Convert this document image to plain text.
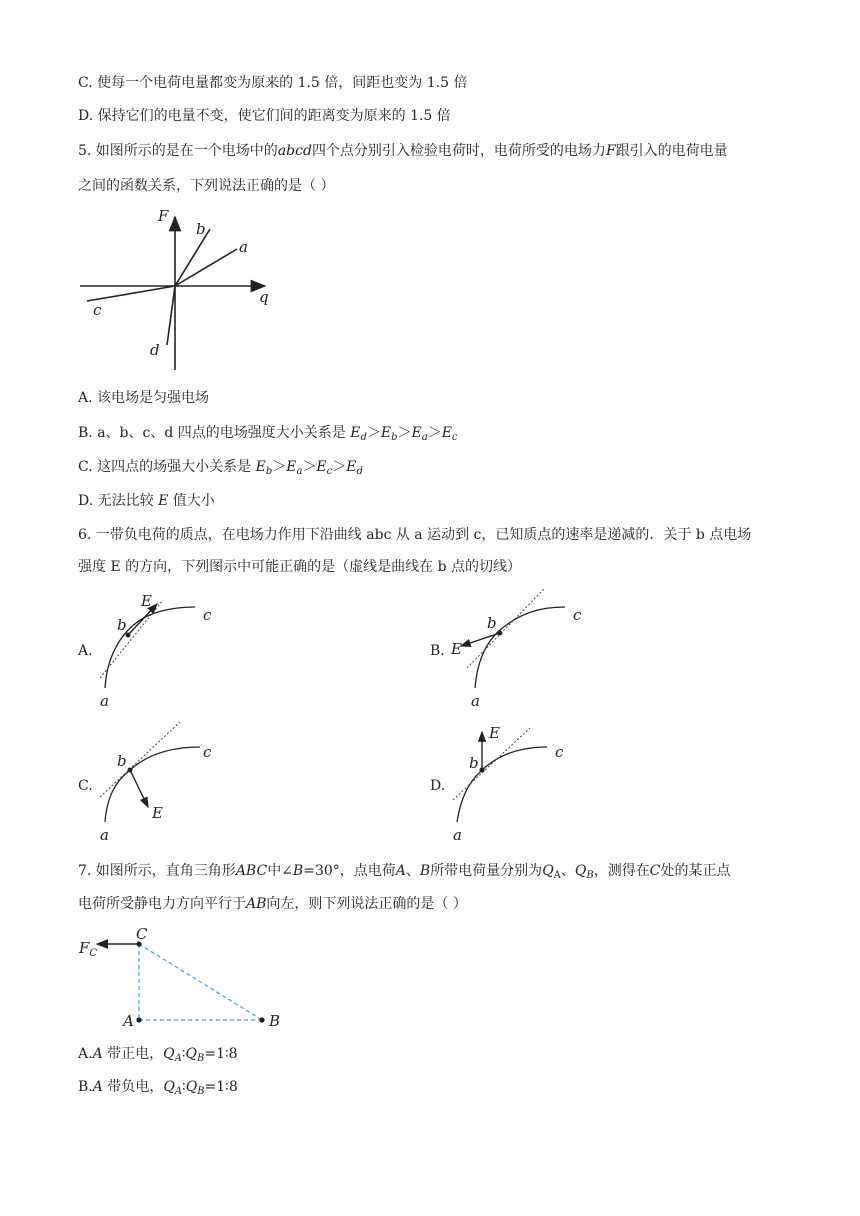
C. 使每一个电荷电量都变为原来的 1.5 倍，间距也变为 1.5 倍
D. 保持它们的电量不变，使它们间的距离变为原来的 1.5 倍
5. 如图所示的是在一个电场中的abcd四个点分别引入检验电荷时，电荷所受的电场力F跟引入的电荷电量
之间的函数关系，下列说法正确的是（ ）
F
q
a
b
c
d
A. 该电场是匀强电场
B. a、b、c、d 四点的电场强度大小关系是 $E_d>E_b>E_a>E_c$
C. 这四点的场强大小关系是 $E_b>E_a>E_c>E_d$
D. 无法比较 E 值大小
6. 一带负电荷的质点，在电场力作用下沿曲线 abc 从 a 运动到 c，已知质点的速率是递减的．关于 b 点电场
强度 E 的方向，下列图示中可能正确的是（虚线是曲线在 b 点的切线）
A.	B.
C.	D.
b
E
c
a
b
E
c
a
b
E
c
a
b
E
c
a
7. 如图所示，直角三角形ABC中∠B=30°，点电荷A、B所带电荷量分别为$Q_A$、$Q_B$，测得在C处的某正点
电荷所受静电力方向平行于AB向左，则下列说法正确的是（ ）
C
A	B
$F_C$
A.A 带正电，$Q_A∶Q_B=1∶8$
B.A 带负电，$Q_A∶Q_B=1∶8$
